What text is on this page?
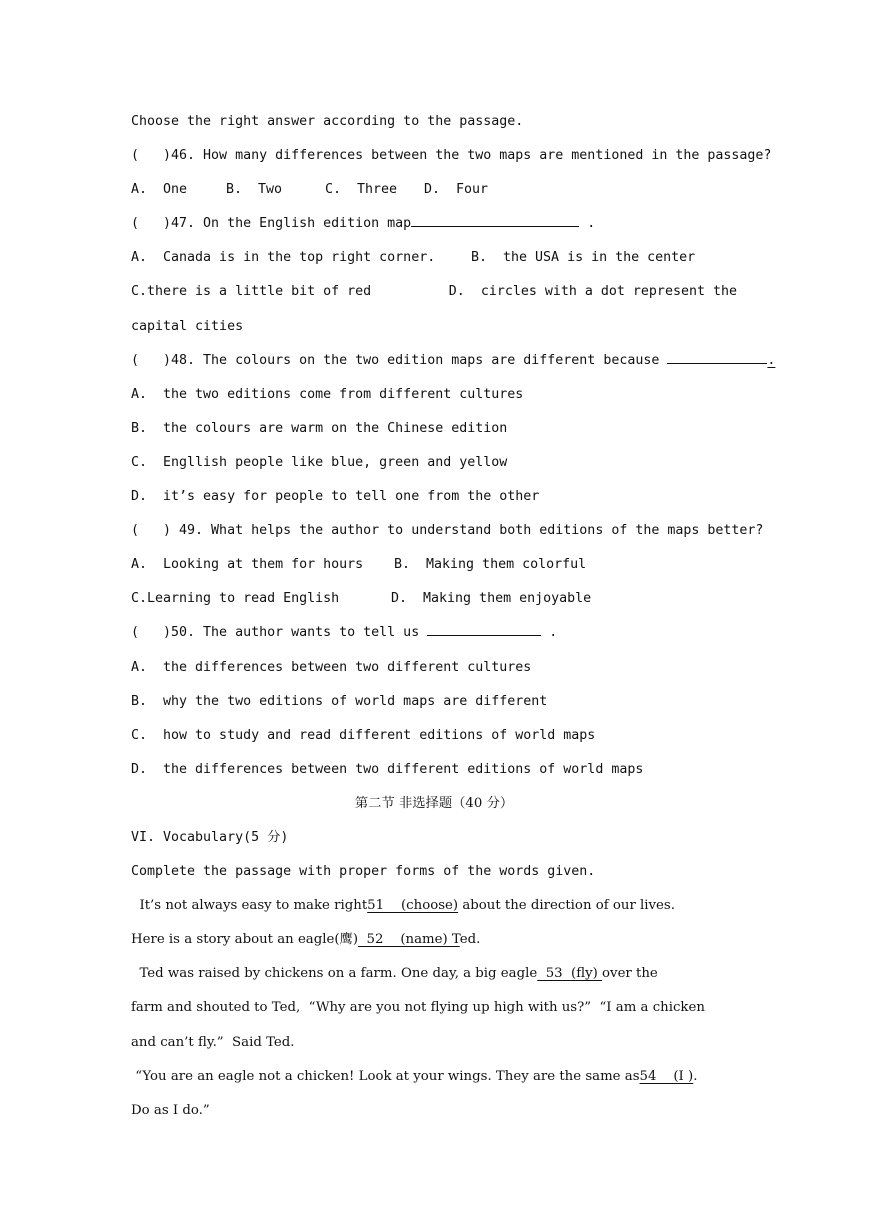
Choose the right answer according to the passage.
(   )46. How many differences between the two maps are mentioned in the passage?
A.  One	B.  Two	C.  Three	D.  Four
(   )47. On the English edition map	.
A.  Canada is in the top right corner.	B.  the USA is in the center
C.there is a little bit of red	D.  circles with a dot represent the
capital cities
(   )48. The colours on the two edition maps are different because	.
A.  the two editions come from different cultures
B.  the colours are warm on the Chinese edition
C.  Engllish people like blue, green and yellow
D.  it’s easy for people to tell one from the other
(   ) 49. What helps the author to understand both editions of the maps better?
A.  Looking at them for hours	B.  Making them colorful
C.Learning to read English	D.  Making them enjoyable
(   )50. The author wants to tell us	.
A.  the differences between two different cultures
B.  why the two editions of world maps are different
C.  how to study and read different editions of world maps
D.  the differences between two different editions of world maps
第二节 非选择题（40 分）
VI. Vocabulary(5 分)
Complete the passage with proper forms of the words given.
It’s not always easy to make right51    (choose) about the direction of our lives.
Here is a story about an eagle(鹰)  52    (name) Ted.
Ted was raised by chickens on a farm. One day, a big eagle  53  (fly) over the
farm and shouted to Ted,  “Why are you not flying up high with us?”  “I am a chicken
and can’t fly.”  Said Ted.
“You are an eagle not a chicken! Look at your wings. They are the same as54    (I ).
Do as I do.”
